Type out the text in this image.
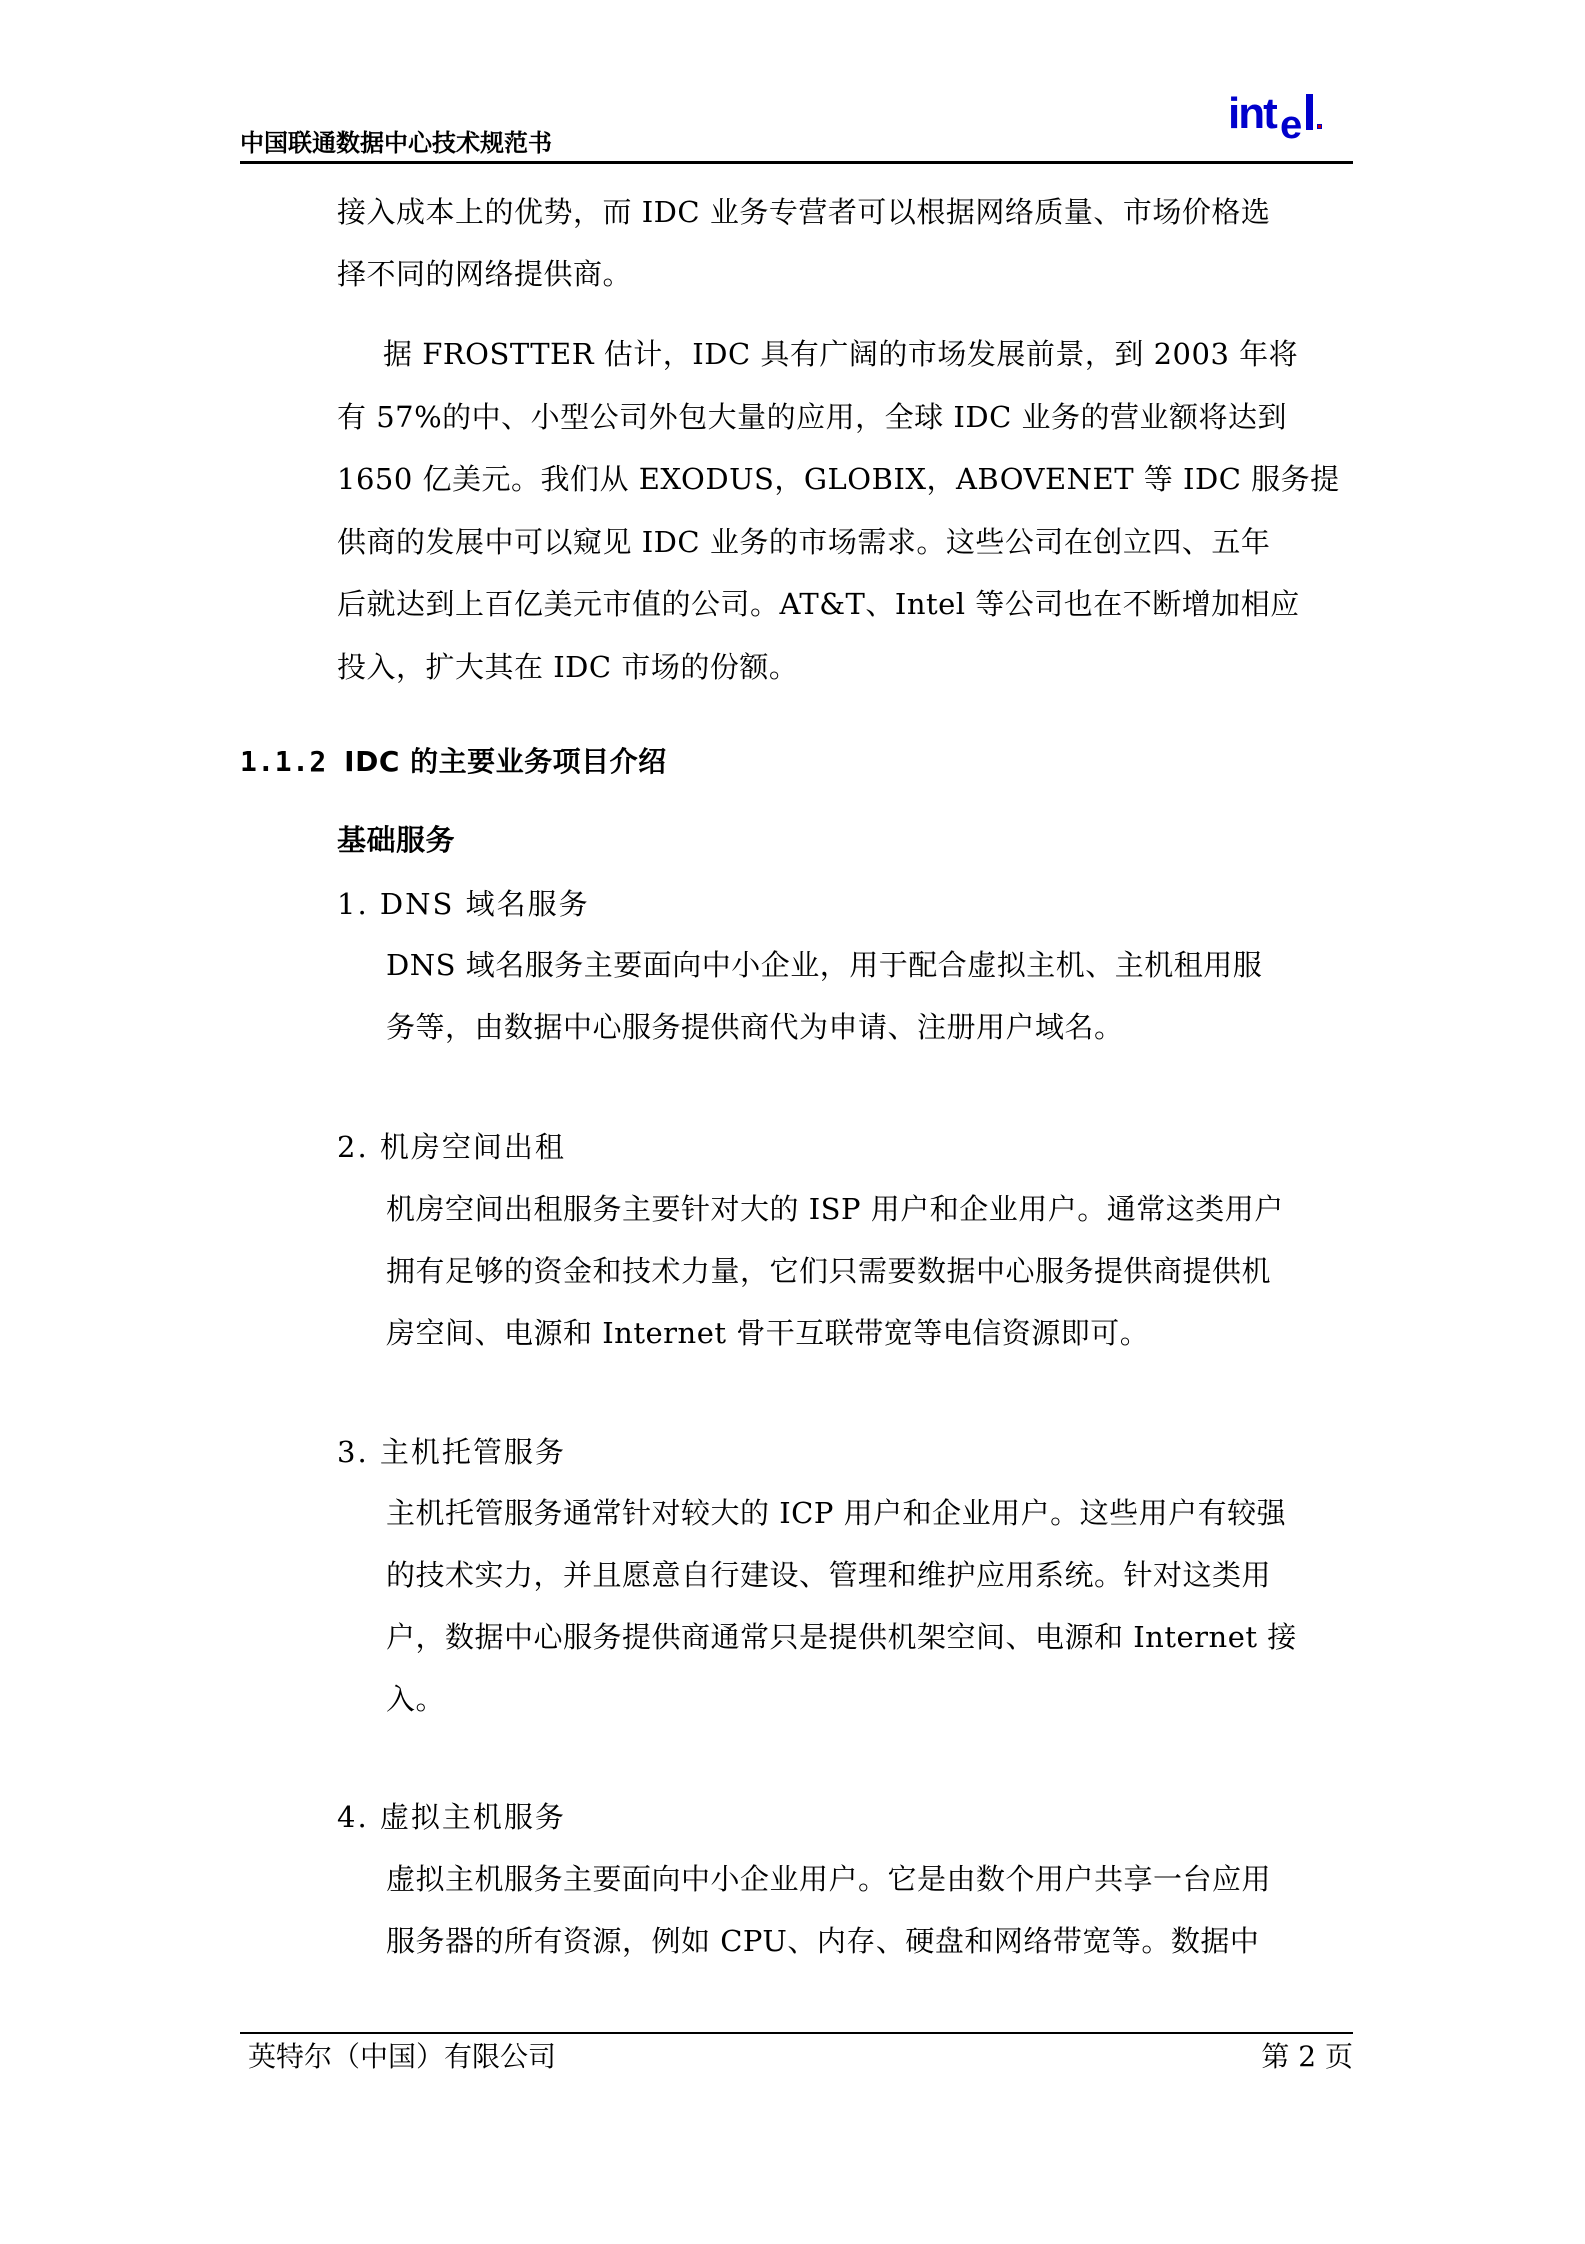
中国联通数据中心技术规范书
int e
接入成本上的优势，而 IDC 业务专营者可以根据网络质量、市场价格选
择不同的网络提供商。
据 FROSTTER 估计，IDC 具有广阔的市场发展前景，到 2003 年将
有 57%的中、小型公司外包大量的应用，全球 IDC 业务的营业额将达到
1650 亿美元。我们从 EXODUS，GLOBIX，ABOVENET 等 IDC 服务提
供商的发展中可以窥见 IDC 业务的市场需求。这些公司在创立四、五年
后就达到上百亿美元市值的公司。AT&T、Intel 等公司也在不断增加相应
投入，扩大其在 IDC 市场的份额。
1.1.2 IDC 的主要业务项目介绍
基础服务
1. DNS 域名服务
DNS 域名服务主要面向中小企业，用于配合虚拟主机、主机租用服
务等，由数据中心服务提供商代为申请、注册用户域名。
2. 机房空间出租
机房空间出租服务主要针对大的 ISP 用户和企业用户。通常这类用户
拥有足够的资金和技术力量，它们只需要数据中心服务提供商提供机
房空间、电源和 Internet 骨干互联带宽等电信资源即可。
3. 主机托管服务
主机托管服务通常针对较大的 ICP 用户和企业用户。这些用户有较强
的技术实力，并且愿意自行建设、管理和维护应用系统。针对这类用
户，数据中心服务提供商通常只是提供机架空间、电源和 Internet 接
入。
4. 虚拟主机服务
虚拟主机服务主要面向中小企业用户。它是由数个用户共享一台应用
服务器的所有资源，例如 CPU、内存、硬盘和网络带宽等。数据中
英特尔（中国）有限公司	第 2 页
